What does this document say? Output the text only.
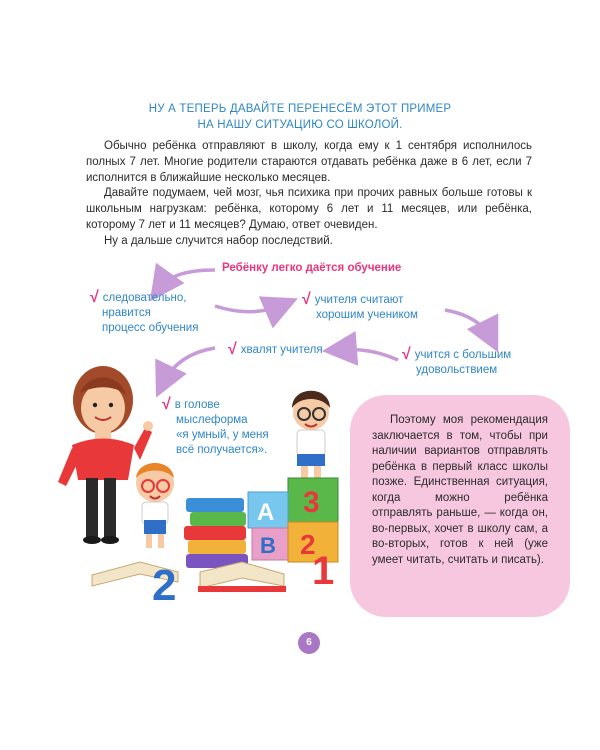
НУ А ТЕПЕРЬ ДАВАЙТЕ ПЕРЕНЕСЁМ ЭТОТ ПРИМЕР
НА НАШУ СИТУАЦИЮ СО ШКОЛОЙ.

Обычно ребёнка отправляют в школу, когда ему к 1 сентября исполнилось полных 7 лет. Многие родители стараются отдавать ребёнка даже в 6 лет, если 7 исполнится в ближайшие несколько месяцев.

Давайте подумаем, чей мозг, чья психика при прочих равных больше готовы к школьным нагрузкам: ребёнка, которому 6 лет и 11 месяцев, или ребёнка, которому 7 лет и 11 месяцев? Думаю, ответ очевиден.

Ну а дальше случится набор последствий.

3
A
B 2
1
2
Ребёнку легко даётся обучение
√ следовательно,
нравится
процесс обучения
√ учителя считают
хорошим учеником
√ хвалят учителя	√ учится с большим
удовольствием
√ в голове
мыслеформа
«я умный, у меня
всё получается».

Поэтому моя рекомендация заключается в том, чтобы при наличии вариантов отправлять ребёнка в первый класс школы позже. Единственная ситуация, когда можно ребёнка отправлять раньше, — когда он, во-первых, хочет в школу сам, а во-вторых, готов к ней (уже умеет читать, считать и писать).

6
